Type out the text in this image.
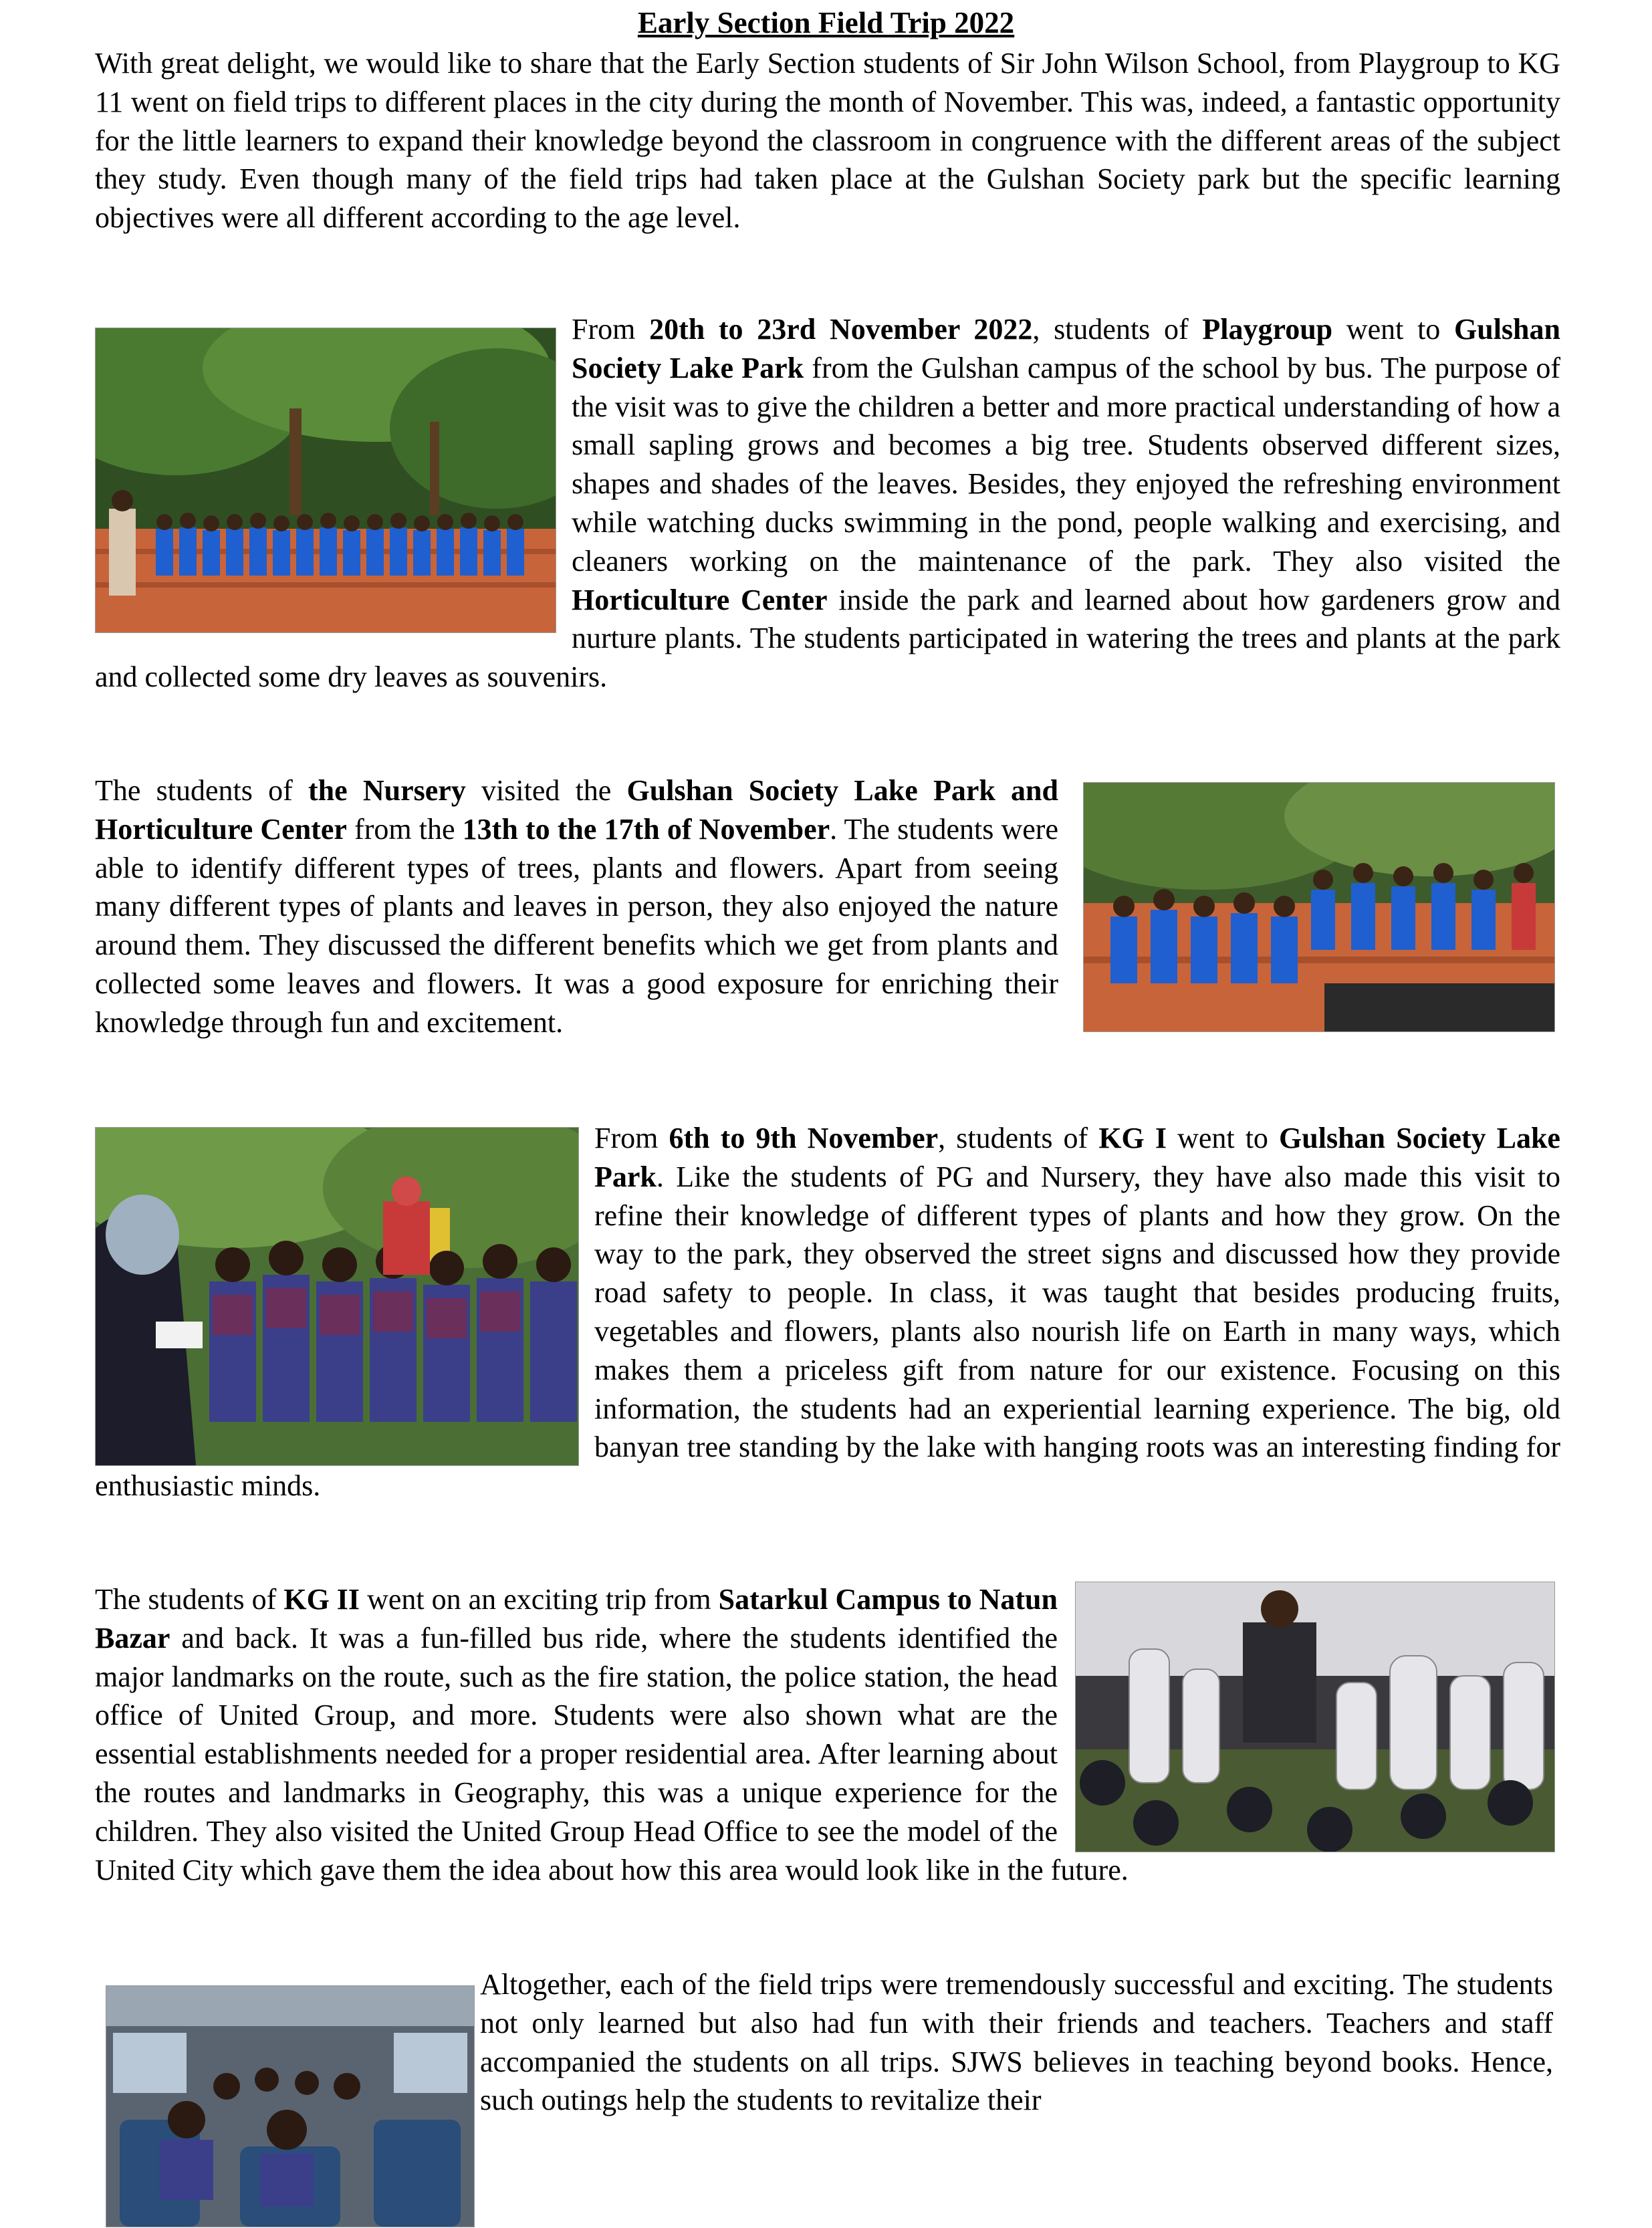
Early Section Field Trip 2022
With great delight, we would like to share that the Early Section students of Sir John Wilson School, from Playgroup to KG 11 went on field trips to different places in the city during the month of November. This was, indeed, a fantastic opportunity for the little learners to expand their knowledge beyond the classroom in congruence with the different areas of the subject they study. Even though many of the field trips had taken place at the Gulshan Society park but the specific learning objectives were all different according to the age level.
From 20th to 23rd November 2022, students of Playgroup went to Gulshan Society Lake Park from the Gulshan campus of the school by bus. The purpose of the visit was to give the children a better and more practical understanding of how a small sapling grows and becomes a big tree. Students observed different sizes, shapes and shades of the leaves. Besides, they enjoyed the refreshing environment while watching ducks swimming in the pond, people walking and exercising, and cleaners working on the maintenance of the park. They also visited the Horticulture Center inside the park and learned about how gardeners grow and nurture plants. The students participated in watering the trees and plants at the park and collected some dry leaves as souvenirs.
The students of the Nursery visited the Gulshan Society Lake Park and Horticulture Center from the 13th to the 17th of November. The students were able to identify different types of trees, plants and flowers. Apart from seeing many different types of plants and leaves in person, they also enjoyed the nature around them. They discussed the different benefits which we get from plants and collected some leaves and flowers. It was a good exposure for enriching their knowledge through fun and excitement.
From 6th to 9th November, students of KG I went to Gulshan Society Lake Park. Like the students of PG and Nursery, they have also made this visit to refine their knowledge of different types of plants and how they grow. On the way to the park, they observed the street signs and discussed how they provide road safety to people. In class, it was taught that besides producing fruits, vegetables and flowers, plants also nourish life on Earth in many ways, which makes them a priceless gift from nature for our existence. Focusing on this information, the students had an experiential learning experience. The big, old banyan tree standing by the lake with hanging roots was an interesting finding for enthusiastic minds.
The students of KG II went on an exciting trip from Satarkul Campus to Natun Bazar and back. It was a fun-filled bus ride, where the students identified the major landmarks on the route, such as the fire station, the police station, the head office of United Group, and more. Students were also shown what are the essential establishments needed for a proper residential area. After learning about the routes and landmarks in Geography, this was a unique experience for the children. They also visited the United Group Head Office to see the model of the United City which gave them the idea about how this area would look like in the future.
Altogether, each of the field trips were tremendously successful and exciting. The students not only learned but also had fun with their friends and teachers. Teachers and staff accompanied the students on all trips. SJWS believes in teaching beyond books. Hence, such outings help the students to revitalize their
